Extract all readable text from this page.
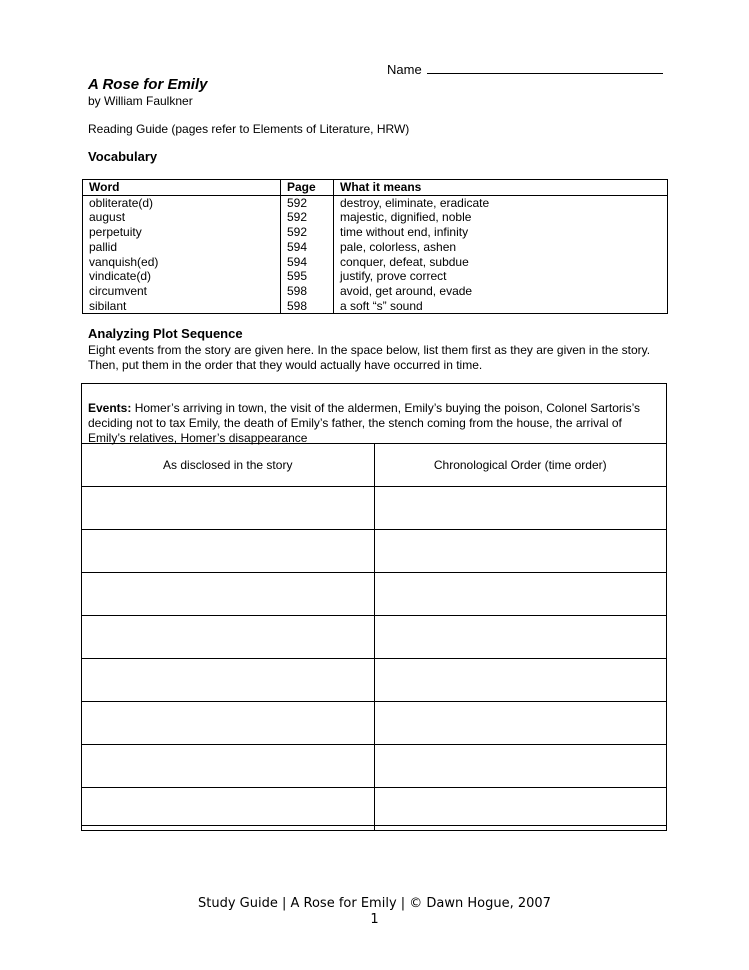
Name
A Rose for Emily
by William Faulkner
Reading Guide (pages refer to Elements of Literature, HRW)
Vocabulary
Word	Page	What it means
obliterate(d)	592	destroy, eliminate, eradicate
august	592	majestic, dignified, noble
perpetuity	592	time without end, infinity
pallid	594	pale, colorless, ashen
vanquish(ed)	594	conquer, defeat, subdue
vindicate(d)	595	justify, prove correct
circumvent	598	avoid, get around, evade
sibilant	598	a soft “s” sound
Analyzing Plot Sequence
Eight events from the story are given here. In the space below, list them first as they are given in the story. Then, put them in the order that they would actually have occurred in time.
Events: Homer’s arriving in town, the visit of the aldermen, Emily’s buying the poison, Colonel Sartoris’s deciding not to tax Emily, the death of Emily’s father, the stench coming from the house, the arrival of Emily’s relatives, Homer’s disappearance
As disclosed in the story	Chronological Order (time order)

Study Guide | A Rose for Emily | © Dawn Hogue, 2007
1
